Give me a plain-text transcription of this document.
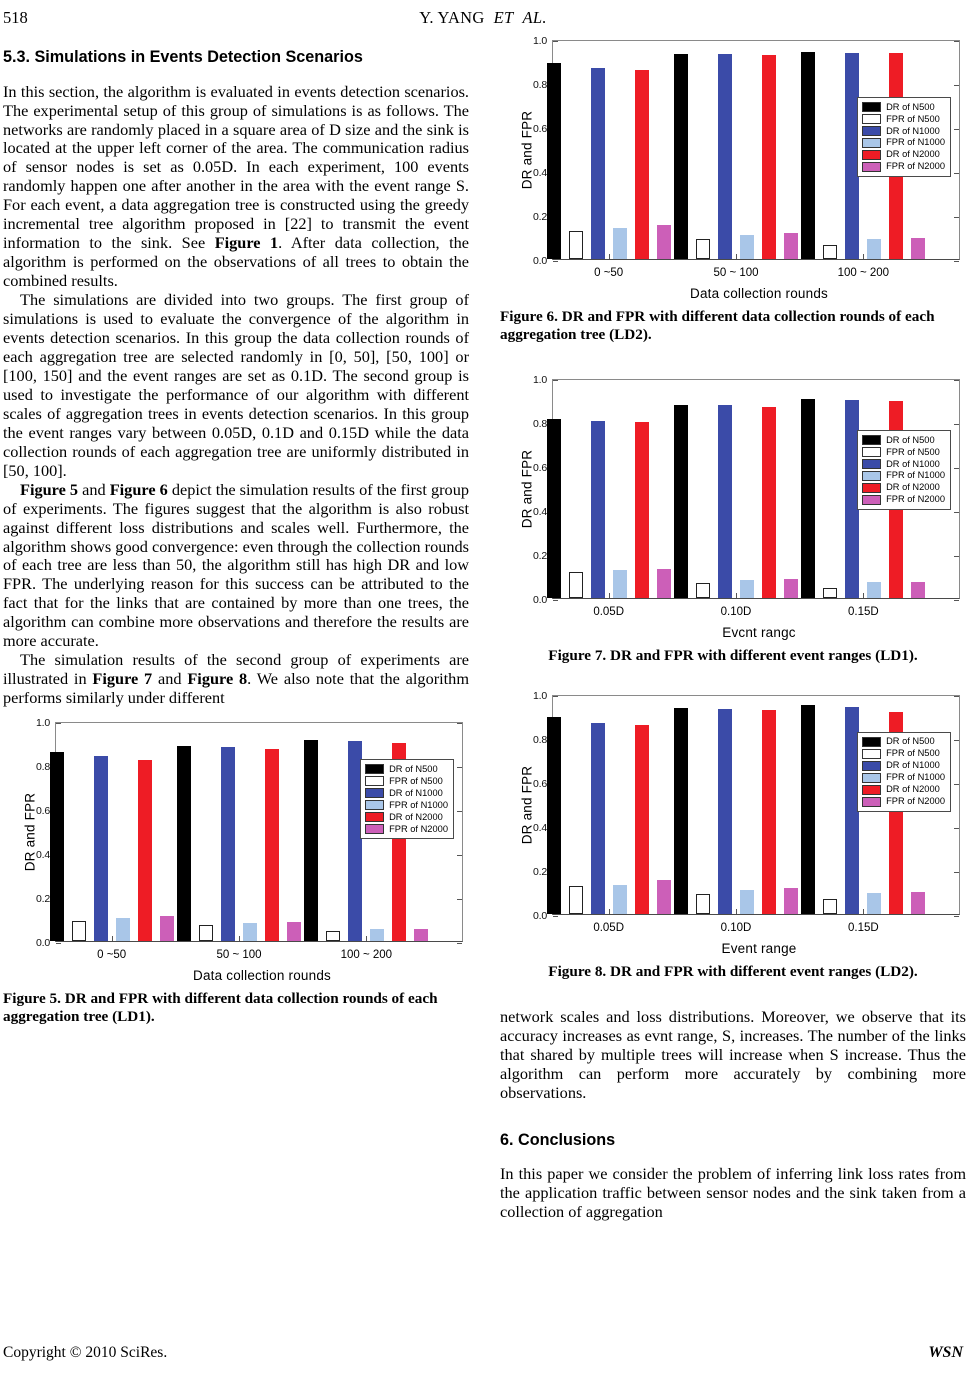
518	Y. YANG ET AL.
5.3. Simulations in Events Detection Scenarios

In this section, the algorithm is evaluated in events detection scenarios. The experimental setup of this group of simulations is as follows. The networks are randomly placed in a square area of D size and the sink is located at the upper left corner of the area. The communication radius of sensor nodes is set as 0.05D. In each experiment, 100 events randomly happen one after another in the area with the event range S. For each event, a data aggregation tree is constructed using the greedy incremental tree algorithm proposed in [22] to transmit the event information to the sink. See Figure 1. After data collection, the algorithm is performed on the observations of all trees to obtain the combined results.

The simulations are divided into two groups. The first group of simulations is used to evaluate the convergence of the algorithm in events detection scenarios. In this group the data collection rounds of each aggregation tree are selected randomly in [0, 50], [50, 100] or [100, 150] and the event ranges are set as 0.1D. The second group is used to investigate the performance of our algorithm with different scales of aggregation trees in events detection scenarios. In this group the event ranges vary between 0.05D, 0.1D and 0.15D while the data collection rounds of each aggregation tree are uniformly distributed in [50, 100].

Figure 5 and Figure 6 depict the simulation results of the first group of experiments. The figures suggest that the algorithm is also robust against different loss distributions and scales well. Furthermore, the algorithm shows good convergence: even through the collection rounds of each tree are less than 50, the algorithm still has high DR and low FPR. The underlying reason for this success can be attributed to the fact that for the links that are contained by more than one trees, the algorithm can combine more observations and therefore the results are more accurate.

The simulation results of the second group of experiments are illustrated in Figure 7 and Figure 8. We also note that the algorithm performs similarly under different

DR and FPR
0.0
0.2
0.4
0.6
0.8
1.0
0 ~50	50 ~ 100	100 ~ 200
DR of N500
FPR of N500
DR of N1000
FPR of N1000
DR of N2000
FPR of N2000
Data collection rounds
Figure 5. DR and FPR with different data collection rounds of each aggregation tree (LD1).
DR and FPR
0.0
0.2
0.4
0.6
0.8
1.0
0 ~50	50 ~ 100	100 ~ 200
DR of N500
FPR of N500
DR of N1000
FPR of N1000
DR of N2000
FPR of N2000
Data collection rounds
Figure 6. DR and FPR with different data collection rounds of each aggregation tree (LD2).
DR and FPR
0.0
0.2
0.4
0.6
0.8
1.0
0.05D	0.10D	0.15D
DR of N500
FPR of N500
DR of N1000
FPR of N1000
DR of N2000
FPR of N2000
Evcnt rangc
Figure 7. DR and FPR with different event ranges (LD1).
DR and FPR
0.0
0.2
0.4
0.6
0.8
1.0
0.05D	0.10D	0.15D
DR of N500
FPR of N500
DR of N1000
FPR of N1000
DR of N2000
FPR of N2000
Event range
Figure 8. DR and FPR with different event ranges (LD2).

network scales and loss distributions. Moreover, we observe that its accuracy increases as evnt range, S, increases. The number of the links that shared by multiple trees will increase when S increase. Thus the algorithm can perform more accurately by combining more observations.

6. Conclusions

In this paper we consider the problem of inferring link loss rates from the application traffic between sensor nodes and the sink taken from a collection of aggregation

Copyright © 2010 SciRes.	WSN
